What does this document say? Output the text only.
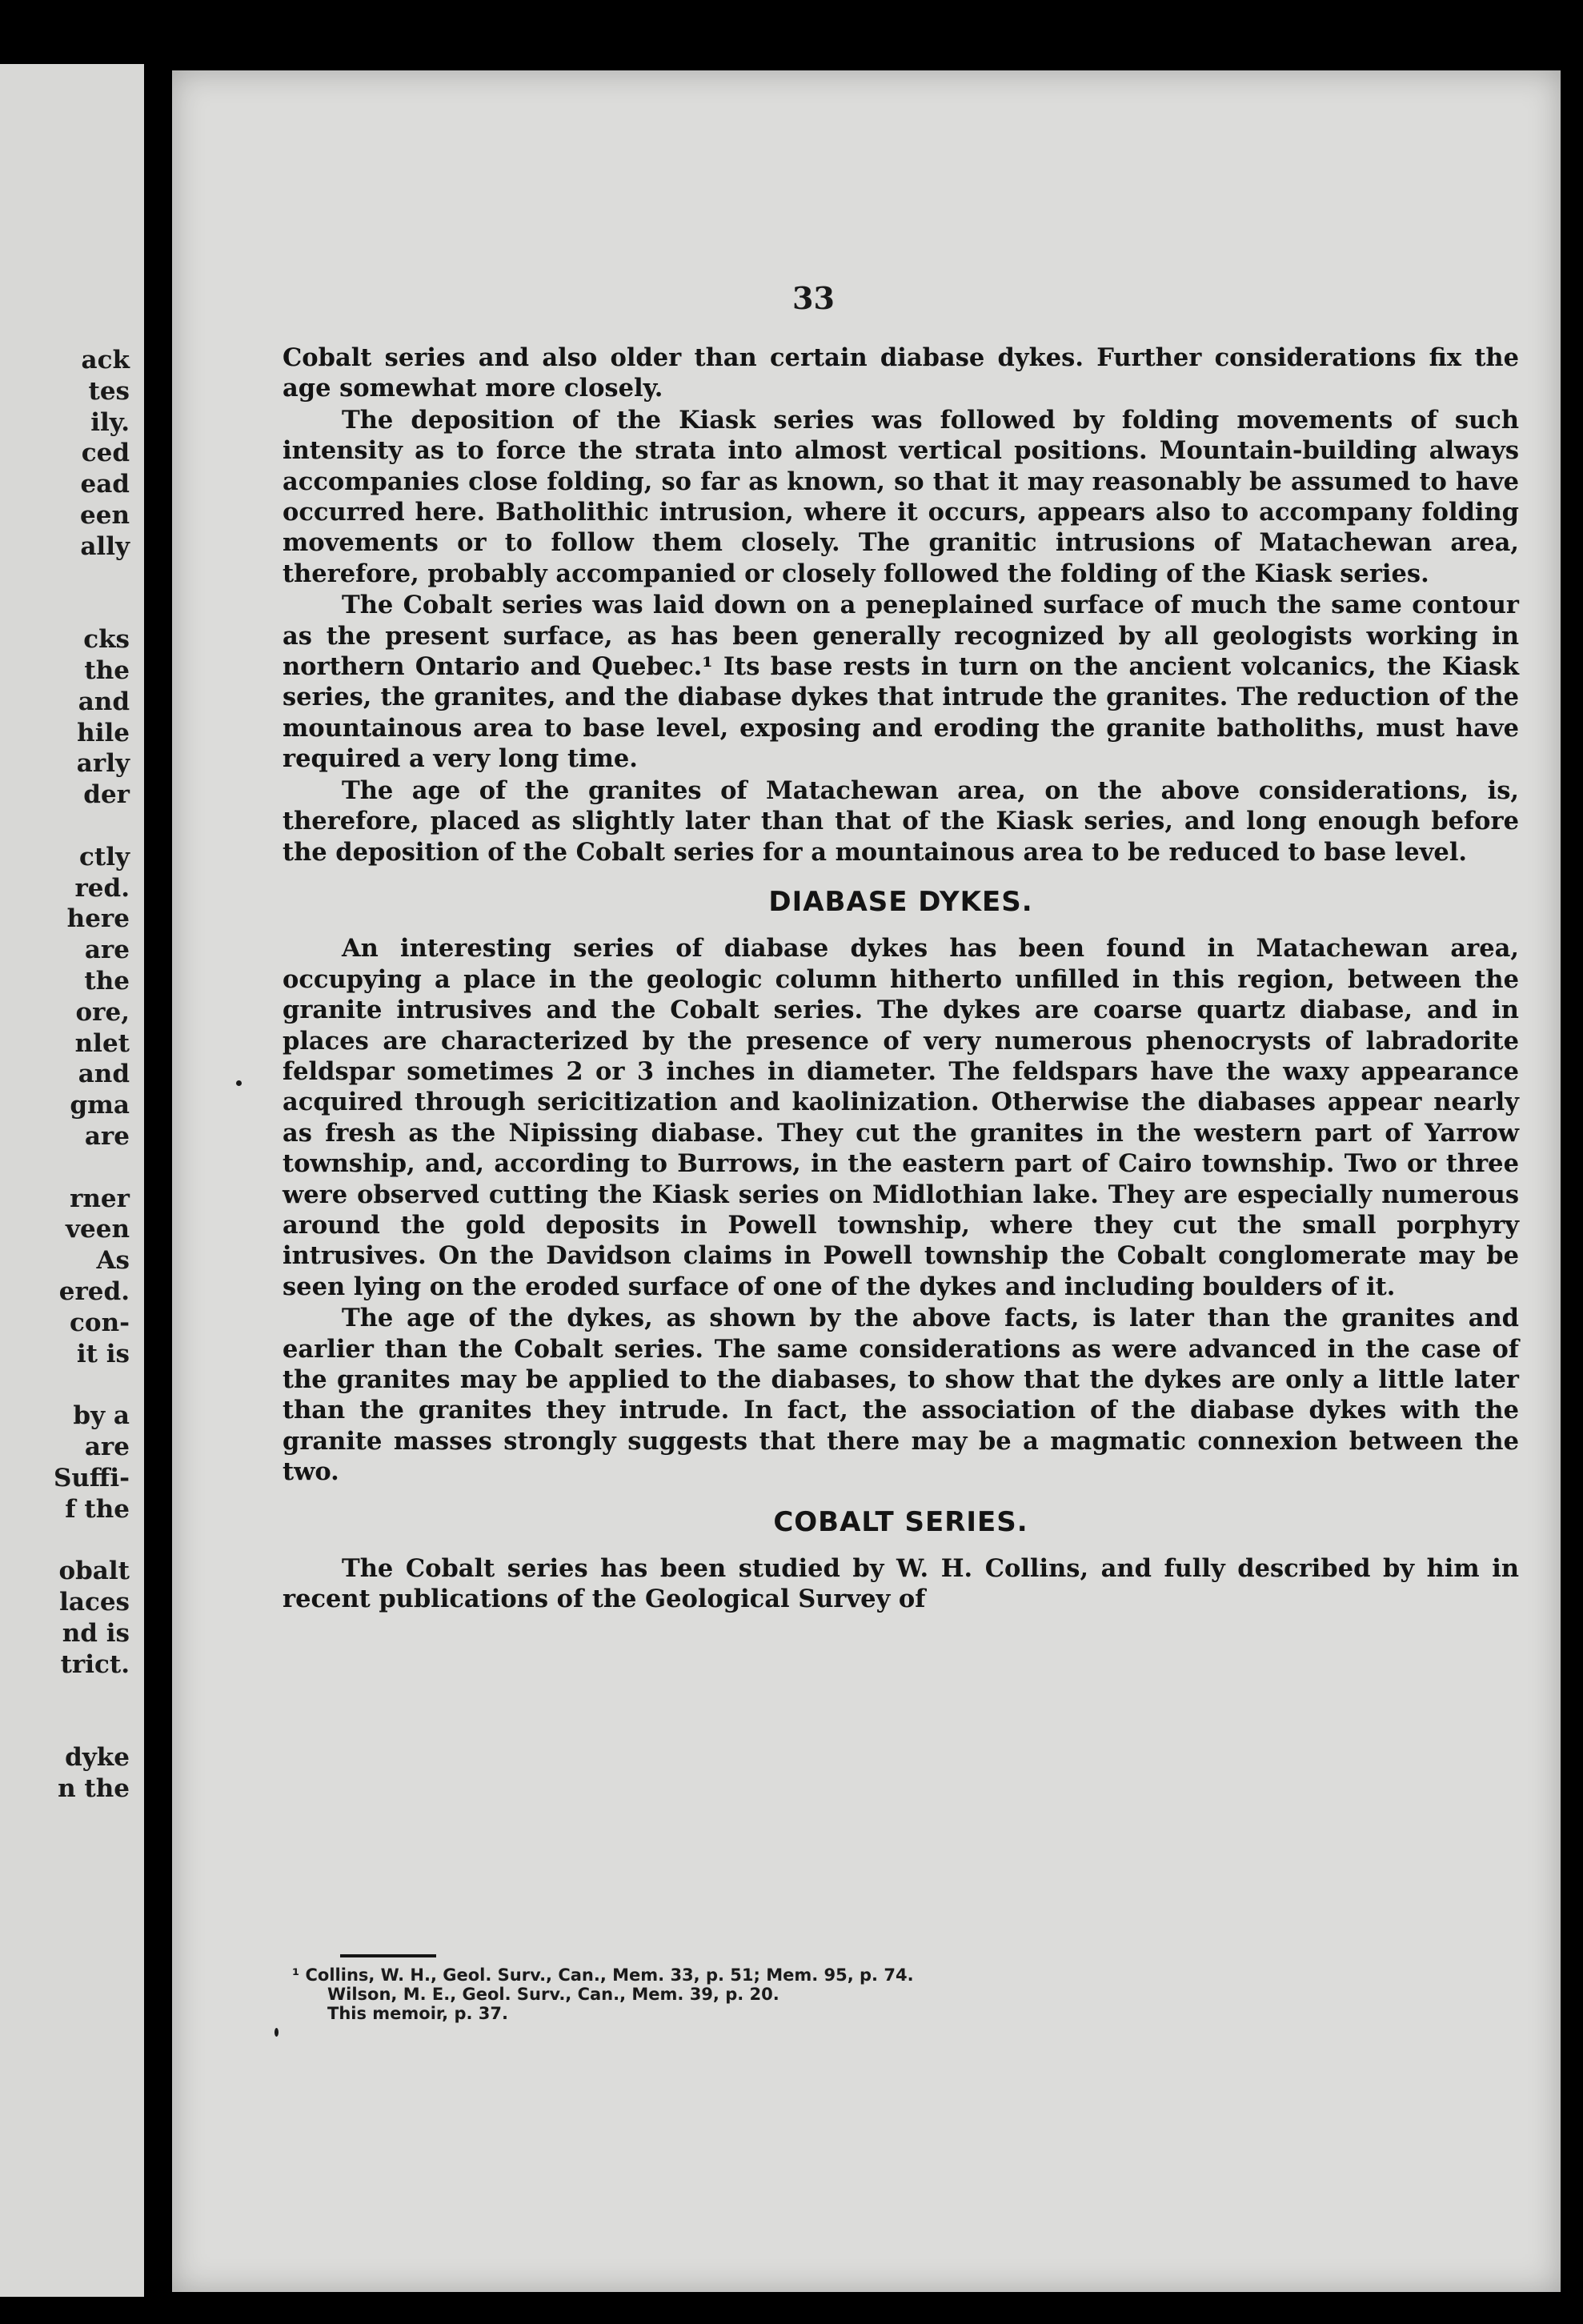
ack
tes
ily.
ced
ead
een
ally
cks
the
and
hile
arly
der
ctly
red.
here
are
the
ore,
nlet
and
gma
are
rner
veen
As
ered.
con-
it is
by a
are
Suffi-
f the
obalt
laces
nd is
trict.
dyke
n the
33

Cobalt series and also older than certain diabase dykes. Further considerations fix the age somewhat more closely.

The deposition of the Kiask series was followed by folding movements of such intensity as to force the strata into almost vertical positions. Mountain-building always accompanies close folding, so far as known, so that it may reasonably be assumed to have occurred here. Batholithic intrusion, where it occurs, appears also to accompany folding movements or to follow them closely. The granitic intrusions of Matachewan area, therefore, probably accompanied or closely followed the folding of the Kiask series.

The Cobalt series was laid down on a peneplained surface of much the same contour as the present surface, as has been generally recognized by all geologists working in northern Ontario and Quebec.¹ Its base rests in turn on the ancient volcanics, the Kiask series, the granites, and the diabase dykes that intrude the granites. The reduction of the mountainous area to base level, exposing and eroding the granite batholiths, must have required a very long time.

The age of the granites of Matachewan area, on the above considerations, is, therefore, placed as slightly later than that of the Kiask series, and long enough before the deposition of the Cobalt series for a mountainous area to be reduced to base level.

DIABASE DYKES.

An interesting series of diabase dykes has been found in Matachewan area, occupying a place in the geologic column hitherto unfilled in this region, between the granite intrusives and the Cobalt series. The dykes are coarse quartz diabase, and in places are characterized by the presence of very numerous phenocrysts of labradorite feldspar sometimes 2 or 3 inches in diameter. The feldspars have the waxy appearance acquired through sericitization and kaolinization. Otherwise the diabases appear nearly as fresh as the Nipissing diabase. They cut the granites in the western part of Yarrow township, and, according to Burrows, in the eastern part of Cairo township. Two or three were observed cutting the Kiask series on Midlothian lake. They are especially numerous around the gold deposits in Powell township, where they cut the small porphyry intrusives. On the Davidson claims in Powell township the Cobalt conglomerate may be seen lying on the eroded surface of one of the dykes and including boulders of it.

The age of the dykes, as shown by the above facts, is later than the granites and earlier than the Cobalt series. The same considerations as were advanced in the case of the granites may be applied to the diabases, to show that the dykes are only a little later than the granites they intrude. In fact, the association of the diabase dykes with the granite masses strongly suggests that there may be a magmatic connexion between the two.

COBALT SERIES.

The Cobalt series has been studied by W. H. Collins, and fully described by him in recent publications of the Geological Survey of

¹ Collins, W. H., Geol. Surv., Can., Mem. 33, p. 51; Mem. 95, p. 74.
Wilson, M. E., Geol. Surv., Can., Mem. 39, p. 20.
This memoir, p. 37.
